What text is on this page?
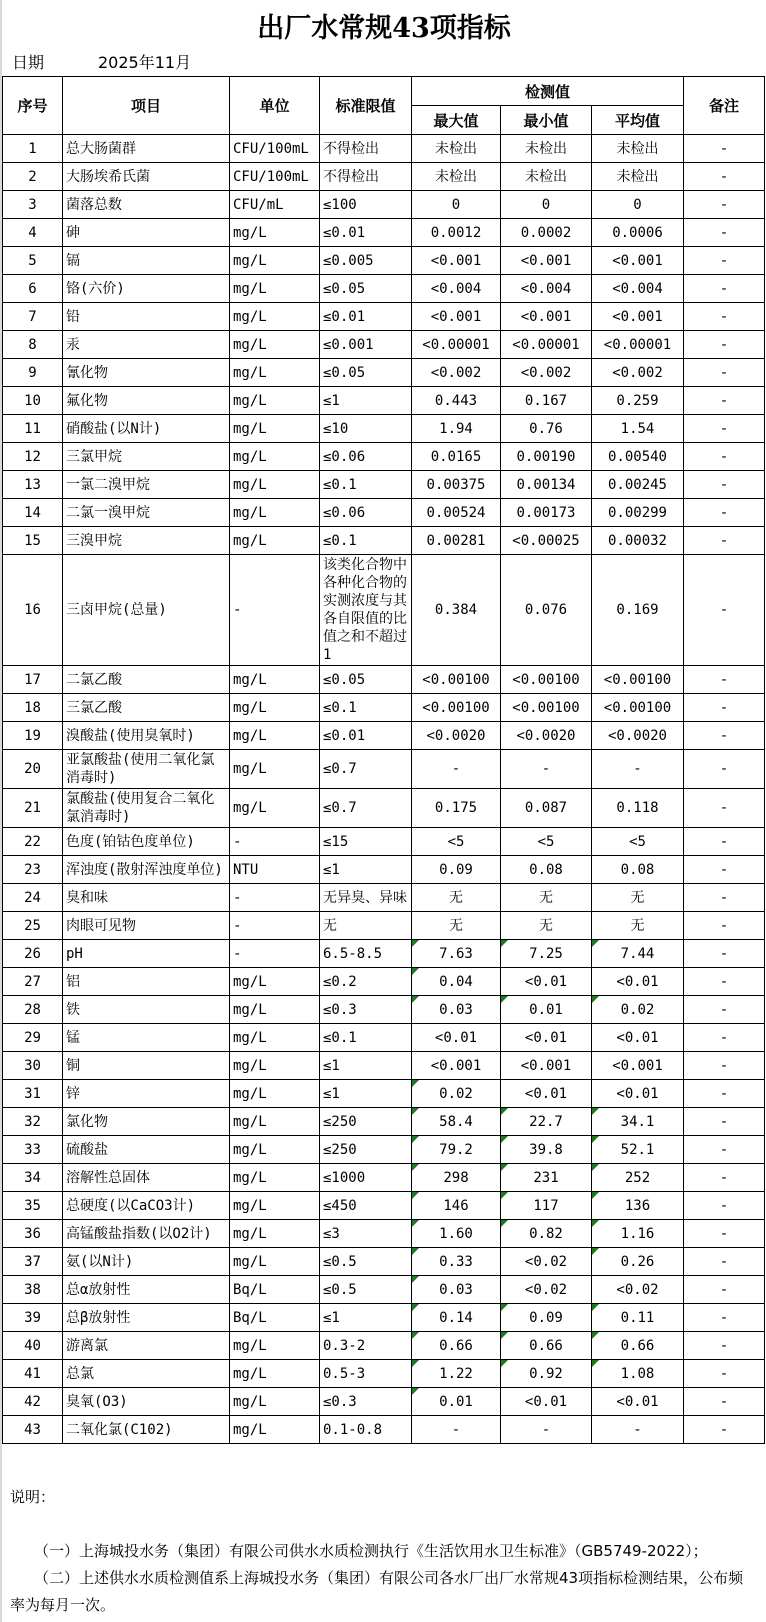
出厂水常规43项指标
日期	2025年11月
序号	项目	单位	标准限值	检测值			备注
				最大值	最小值	平均值	
1	总大肠菌群	CFU/100mL	不得检出	未检出	未检出	未检出	-
2	大肠埃希氏菌	CFU/100mL	不得检出	未检出	未检出	未检出	-
3	菌落总数	CFU/mL	≤100	0	0	0	-
4	砷	mg/L	≤0.01	0.0012	0.0002	0.0006	-
5	镉	mg/L	≤0.005	<0.001	<0.001	<0.001	-
6	铬(六价)	mg/L	≤0.05	<0.004	<0.004	<0.004	-
7	铅	mg/L	≤0.01	<0.001	<0.001	<0.001	-
8	汞	mg/L	≤0.001	<0.00001	<0.00001	<0.00001	-
9	氰化物	mg/L	≤0.05	<0.002	<0.002	<0.002	-
10	氟化物	mg/L	≤1	0.443	0.167	0.259	-
11	硝酸盐(以N计)	mg/L	≤10	1.94	0.76	1.54	-
12	三氯甲烷	mg/L	≤0.06	0.0165	0.00190	0.00540	-
13	一氯二溴甲烷	mg/L	≤0.1	0.00375	0.00134	0.00245	-
14	二氯一溴甲烷	mg/L	≤0.06	0.00524	0.00173	0.00299	-
15	三溴甲烷	mg/L	≤0.1	0.00281	<0.00025	0.00032	-
16	三卤甲烷(总量)	-	该类化合物中各种化合物的实测浓度与其各自限值的比值之和不超过1	0.384	0.076	0.169	-
17	二氯乙酸	mg/L	≤0.05	<0.00100	<0.00100	<0.00100	-
18	三氯乙酸	mg/L	≤0.1	<0.00100	<0.00100	<0.00100	-
19	溴酸盐(使用臭氧时)	mg/L	≤0.01	<0.0020	<0.0020	<0.0020	-
20	亚氯酸盐(使用二氧化氯消毒时)	mg/L	≤0.7	-	-	-	-
21	氯酸盐(使用复合二氧化氯消毒时)	mg/L	≤0.7	0.175	0.087	0.118	-
22	色度(铂钴色度单位)	-	≤15	<5	<5	<5	-
23	浑浊度(散射浑浊度单位)	NTU	≤1	0.09	0.08	0.08	-
24	臭和味	-	无异臭、异味	无	无	无	-
25	肉眼可见物	-	无	无	无	无	-
26	pH	-	6.5-8.5	7.63	7.25	7.44	-
27	铝	mg/L	≤0.2	0.04	<0.01	<0.01	-
28	铁	mg/L	≤0.3	0.03	0.01	0.02	-
29	锰	mg/L	≤0.1	<0.01	<0.01	<0.01	-
30	铜	mg/L	≤1	<0.001	<0.001	<0.001	-
31	锌	mg/L	≤1	0.02	<0.01	<0.01	-
32	氯化物	mg/L	≤250	58.4	22.7	34.1	-
33	硫酸盐	mg/L	≤250	79.2	39.8	52.1	-
34	溶解性总固体	mg/L	≤1000	298	231	252	-
35	总硬度(以CaCO3计)	mg/L	≤450	146	117	136	-
36	高锰酸盐指数(以O2计)	mg/L	≤3	1.60	0.82	1.16	-
37	氨(以N计)	mg/L	≤0.5	0.33	<0.02	0.26	-
38	总α放射性	Bq/L	≤0.5	0.03	<0.02	<0.02	-
39	总β放射性	Bq/L	≤1	0.14	0.09	0.11	-
40	游离氯	mg/L	0.3-2	0.66	0.66	0.66	-
41	总氯	mg/L	0.5-3	1.22	0.92	1.08	-
42	臭氧(O3)	mg/L	≤0.3	0.01	<0.01	<0.01	-
43	二氧化氯(C102)	mg/L	0.1-0.8	-	-	-	-
说明：

（一）上海城投水务（集团）有限公司供水水质检测执行《生活饮用水卫生标准》（GB5749-2022）；

（二）上述供水水质检测值系上海城投水务（集团）有限公司各水厂出厂水常规43项指标检测结果，公布频率为每月一次。
